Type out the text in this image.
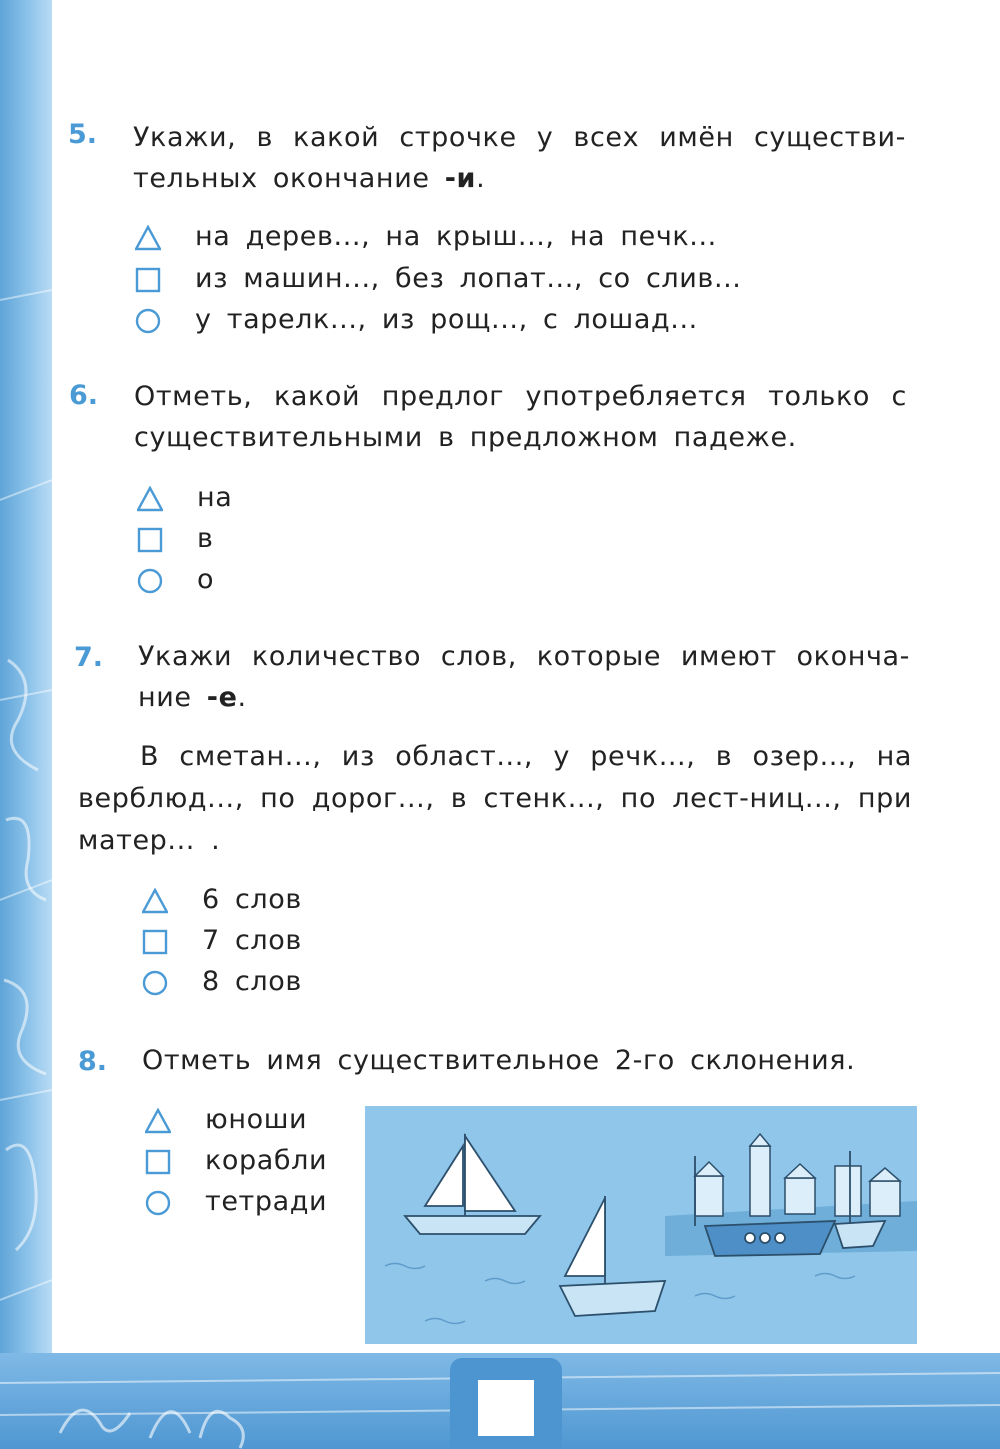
5. Укажи, в какой строчке у всех имён существи-тельных окончание -и.
на дерев..., на крыш..., на печк...
из машин..., без лопат..., со слив...
у тарелк..., из рощ..., с лошад...
6. Отметь, какой предлог употребляется только с существительными в предложном падеже.
на
в
о
7. Укажи количество слов, которые имеют оконча-ние -е.
В сметан..., из област..., у речк..., в озер..., на верблюд..., по дорог..., в стенк..., по лест-ниц..., при матер... .
6 слов
7 слов
8 слов
8. Отметь имя существительное 2-го склонения.
юноши
корабли
тетради
